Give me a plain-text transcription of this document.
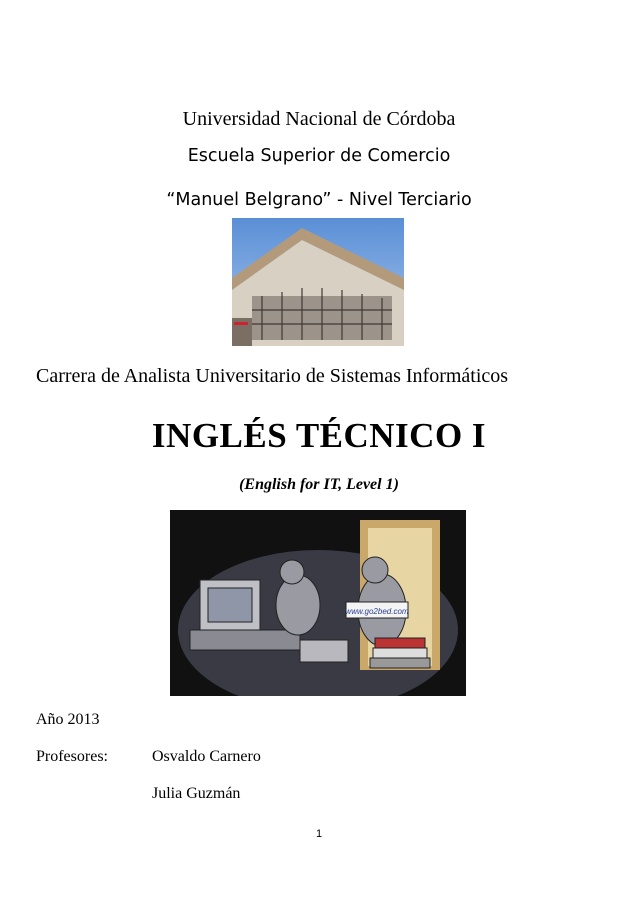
Universidad Nacional de Córdoba
Escuela Superior de Comercio
“Manuel Belgrano” - Nivel Terciario
Carrera de Analista Universitario de Sistemas Informáticos
INGLÉS TÉCNICO I
(English for IT, Level 1)
www.go2bed.com
Año 2013
Profesores:	Osvaldo Carnero
Julia Guzmán
1
